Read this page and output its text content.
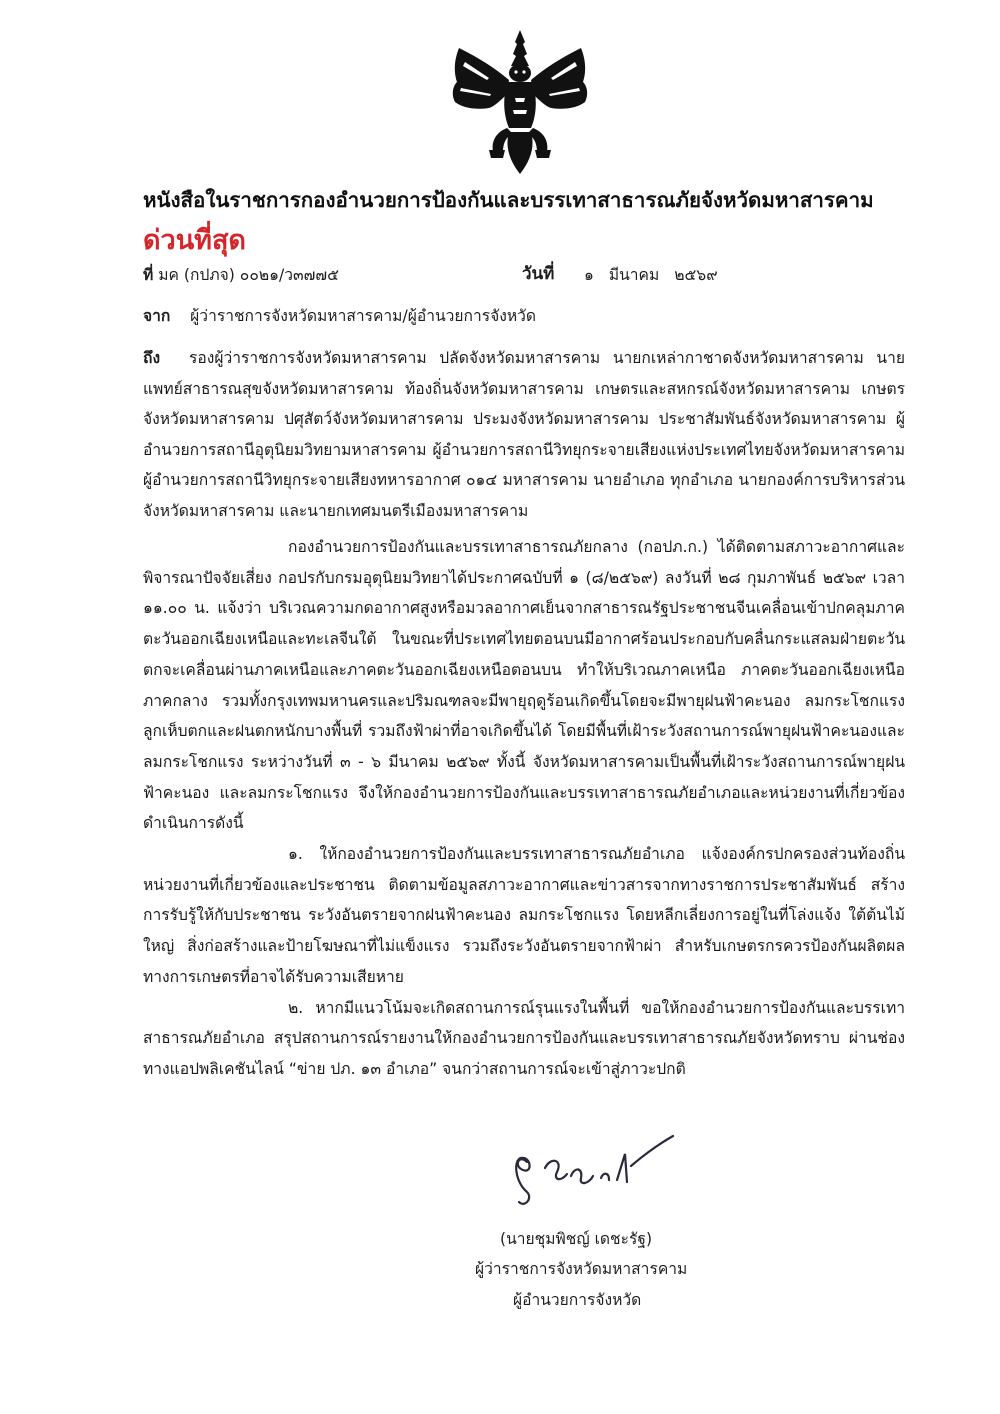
หนังสือในราชการกองอำนวยการป้องกันและบรรเทาสาธารณภัยจังหวัดมหาสารคาม
ด่วนที่สุด
ที่ มค (กปภจ) ๐๐๒๑/ว๓๗๗๕	วันที่ ๑ มีนาคม ๒๕๖๙
จาก ผู้ว่าราชการจังหวัดมหาสารคาม/ผู้อำนวยการจังหวัด
ถึง	รองผู้ว่าราชการจังหวัดมหาสารคาม ปลัดจังหวัดมหาสารคาม นายกเหล่ากาชาดจังหวัดมหาสารคาม นายแพทย์สาธารณสุขจังหวัดมหาสารคาม ท้องถิ่นจังหวัดมหาสารคาม เกษตรและสหกรณ์จังหวัดมหาสารคาม เกษตรจังหวัดมหาสารคาม ปศุสัตว์จังหวัดมหาสารคาม ประมงจังหวัดมหาสารคาม ประชาสัมพันธ์จังหวัดมหาสารคาม ผู้อำนวยการสถานีอุตุนิยมวิทยามหาสารคาม ผู้อำนวยการสถานีวิทยุกระจายเสียงแห่งประเทศไทยจังหวัดมหาสารคาม ผู้อำนวยการสถานีวิทยุกระจายเสียงทหารอากาศ ๐๑๔ มหาสารคาม นายอำเภอ ทุกอำเภอ นายกองค์การบริหารส่วนจังหวัดมหาสารคาม และนายกเทศมนตรีเมืองมหาสารคาม

กองอำนวยการป้องกันและบรรเทาสาธารณภัยกลาง (กอปภ.ก.) ได้ติดตามสภาวะอากาศและพิจารณาปัจจัยเสี่ยง กอปรกับกรมอุตุนิยมวิทยาได้ประกาศฉบับที่ ๑ (๘/๒๕๖๙) ลงวันที่ ๒๘ กุมภาพันธ์ ๒๕๖๙ เวลา ๑๑.๐๐ น. แจ้งว่า บริเวณความกดอากาศสูงหรือมวลอากาศเย็นจากสาธารณรัฐประชาชนจีนเคลื่อนเข้าปกคลุมภาคตะวันออกเฉียงเหนือและทะเลจีนใต้ ในขณะที่ประเทศไทยตอนบนมีอากาศร้อนประกอบกับคลื่นกระแสลมฝ่ายตะวันตกจะเคลื่อนผ่านภาคเหนือและภาคตะวันออกเฉียงเหนือตอนบน ทำให้บริเวณภาคเหนือ ภาคตะวันออกเฉียงเหนือ ภาคกลาง รวมทั้งกรุงเทพมหานครและปริมณฑลจะมีพายุฤดูร้อนเกิดขึ้นโดยจะมีพายุฝนฟ้าคะนอง ลมกระโชกแรง ลูกเห็บตกและฝนตกหนักบางพื้นที่ รวมถึงฟ้าผ่าที่อาจเกิดขึ้นได้ โดยมีพื้นที่เฝ้าระวังสถานการณ์พายุฝนฟ้าคะนองและลมกระโชกแรง ระหว่างวันที่ ๓ - ๖ มีนาคม ๒๕๖๙ ทั้งนี้ จังหวัดมหาสารคามเป็นพื้นที่เฝ้าระวังสถานการณ์พายุฝนฟ้าคะนอง และลมกระโชกแรง จึงให้กองอำนวยการป้องกันและบรรเทาสาธารณภัยอำเภอและหน่วยงานที่เกี่ยวข้อง ดำเนินการดังนี้

๑. ให้กองอำนวยการป้องกันและบรรเทาสาธารณภัยอำเภอ แจ้งองค์กรปกครองส่วนท้องถิ่น หน่วยงานที่เกี่ยวข้องและประชาชน ติดตามข้อมูลสภาวะอากาศและข่าวสารจากทางราชการประชาสัมพันธ์ สร้างการรับรู้ให้กับประชาชน ระวังอันตรายจากฝนฟ้าคะนอง ลมกระโชกแรง โดยหลีกเลี่ยงการอยู่ในที่โล่งแจ้ง ใต้ต้นไม้ใหญ่ สิ่งก่อสร้างและป้ายโฆษณาที่ไม่แข็งแรง รวมถึงระวังอันตรายจากฟ้าผ่า สำหรับเกษตรกรควรป้องกันผลิตผลทางการเกษตรที่อาจได้รับความเสียหาย

๒. หากมีแนวโน้มจะเกิดสถานการณ์รุนแรงในพื้นที่ ขอให้กองอำนวยการป้องกันและบรรเทาสาธารณภัยอำเภอ สรุปสถานการณ์รายงานให้กองอำนวยการป้องกันและบรรเทาสาธารณภัยจังหวัดทราบ ผ่านช่องทางแอปพลิเคชันไลน์ “ข่าย ปภ. ๑๓ อำเภอ” จนกว่าสถานการณ์จะเข้าสู่ภาวะปกติ

(นายชุมพิชญ์ เดชะรัฐ)
ผู้ว่าราชการจังหวัดมหาสารคาม
ผู้อำนวยการจังหวัด
